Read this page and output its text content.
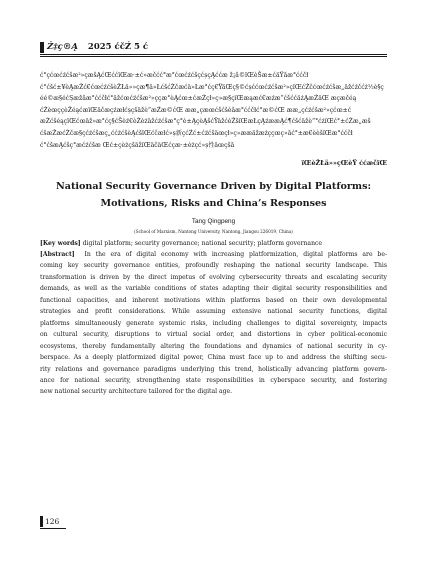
Ż‡ç®Ą 2025 ćčŹ 5 ć

ć°çćœćźćšæ²»çæšĄćŒććïŒæ·±ć»æčćć°æ°ćœćźćšçćșçĄććæ ž¡ă©ïŒèŠæ±ćäŸăæ°ććčł

ć°ćšć±¥èĄæŽć€ćœćźćšèŽŁä»»çæ¶ä»ŁćšćŻčæćä»Łæ°ćç€ŸäŒç§©ćșććœćźćšæ²»çïŒćŻčćœćźćšæ„äžćźčćż½è§ç

éé©æ§éćȘæžăæ°ććčłć°äžćœćźćšæ²»ççæ°èĄćœ±ćæŻçł»ç»æ§çïŒæąæć€æźæ”ćšććäżĄæŻäŒ æçæčéą

ćŻèœççèŽéąćæïŒäčæçźæłćșçšäžè”æŹæ©ćŒ ææ„çæœćšćšèăæ°ććčłć°æ©ćŒ ææ„çćźćšæ²»çćœ±ć

æŻćšéąçïŒćœäž»æ°ćç§ćŠèź€èŻèżäžćźćšæ°ç°è±ĄçèĄšćŸäžćèŽšïŒæŁçĄźææĄć¶ćšćäžè”°ćżïŒć°±ćŻæ„æš

ćšæŽæćŻčæ§çćźćšæç„ććźćšèĄćšïŒćčæłć»ș新çćŹć±ćźćšäœçł»ç»ææäžæżççœç»ăć°±æ€èèšïŒæ°ććčł

ć°ćšæĄćšç°æćźćšæ Œć±çèżçšäžïŒäčäŒćçæ·±èżçć»ș性äœçšă

ïŒèŽŁä»»çŒèŸ ććæčïŒ
National Security Governance Driven by Digital Platforms:
Motivations, Risks and China’s Responses
Tang Qingpeng
(School of Marxism, Nantong University, Nantong, Jiangsu 226019, China)
[Key words] digital platform; security governance; national security; platform governance
[Abstract] In the era of digital economy with increasing platformization, digital platforms are be-
coming key security governance entities, profoundly reshaping the national security landscape. This
transformation is driven by the direct impetus of evolving cybersecurity threats and escalating security
demands, as well as the variable conditions of states adapting their digital security responsibilities and
functional capacities, and inherent motivations within platforms based on their own developmental
strategies and profit considerations. While assuming extensive national security functions, digital
platforms simultaneously generate systemic risks, including challenges to digital sovereignty, impacts
on cultural security, disruptions to virtual social order, and distortions in cyber political-economic
ecosystems, thereby fundamentally altering the foundations and dynamics of national security in cy-
berspace. As a deeply platformized digital power, China must face up to and address the shifting secu-
rity relations and governance paradigms underlying this trend, holistically advancing platform govern-
ance for national security, strengthening state responsibilities in cyberspace security, and fostering
new national security architecture tailored for the digital age.
126
